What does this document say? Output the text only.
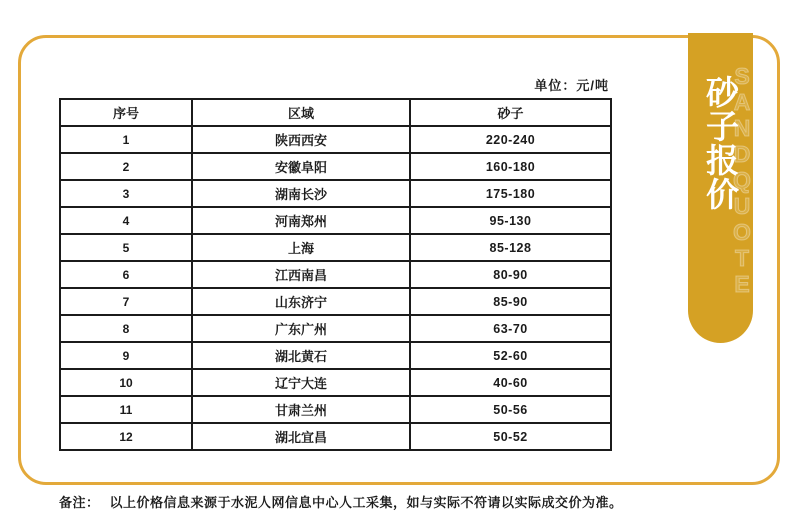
单位：元/吨
序号	区域	砂子
1	陕西西安	220-240
2	安徽阜阳	160-180
3	湖南长沙	175-180
4	河南郑州	95-130
5	上海	85-128
6	江西南昌	80-90
7	山东济宁	85-90
8	广东广州	63-70
9	湖北黄石	52-60
10	辽宁大连	40-60
11	甘肃兰州	50-56
12	湖北宜昌	50-52
备注： 以上价格信息来源于水泥人网信息中心人工采集，如与实际不符请以实际成交价为准。
SANDQUOTE
砂子报价
